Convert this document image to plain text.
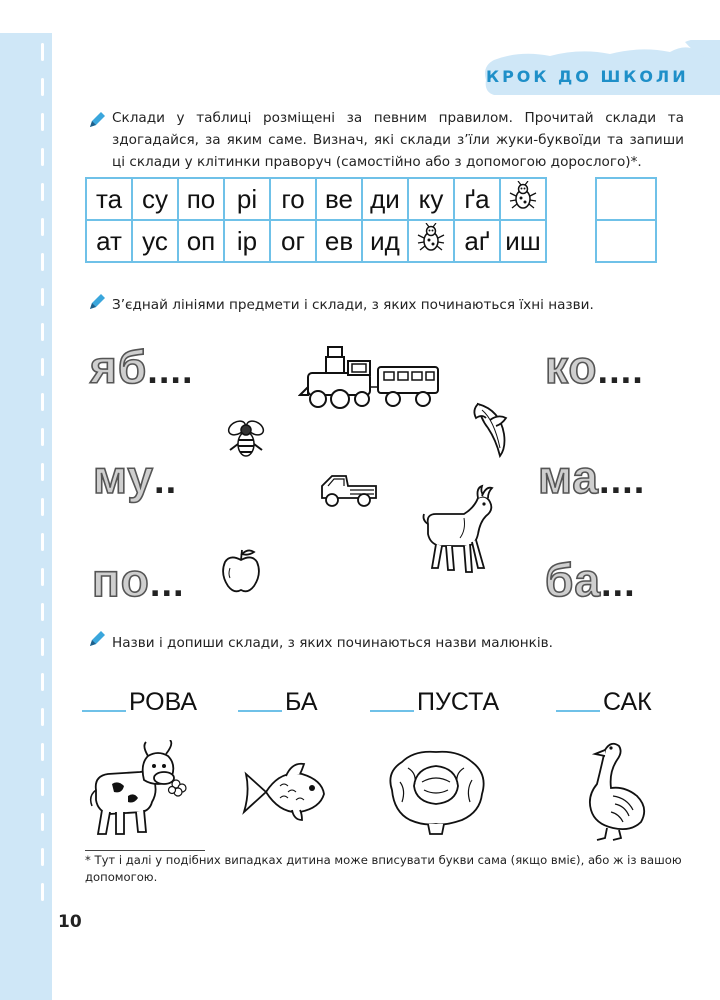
КРОК ДО ШКОЛИ
Склади у таблиці розміщені за певним правилом. Прочитай склади та здогадайся, за яким саме. Визнач, які склади з’їли жуки-буквоїди та запиши ці склади у клітинки праворуч (самостійно або з допомогою дорослого)*.
та	су	по	рі	го	ве	ди	ку	ґа	
ат	ус	оп	ір	ог	ев	ид		аґ	иш

З’єднай лініями предмети і склади, з яких починаються їхні назви.
яб....	ко....
му..	ма....
по...	ба...
Назви і допиши склади, з яких починаються назви малюнків.
РОВА	БА	ПУСТА	САК
* Тут і далі у подібних випадках дитина може вписувати букви сама (якщо вміє), або ж із вашою допомогою.
10
